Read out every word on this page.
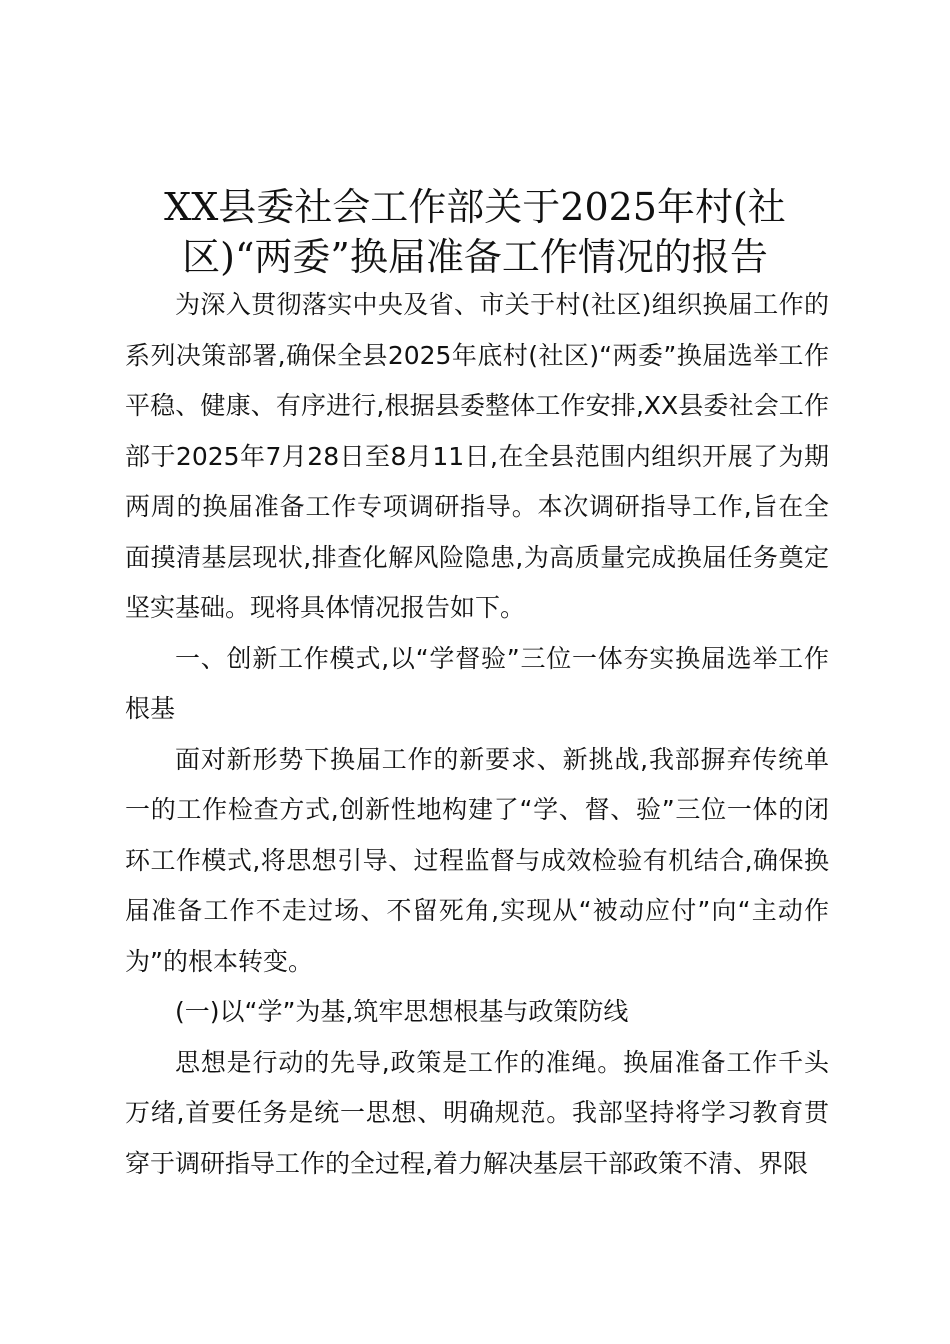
XX县委社会工作部关于2025年村(社区)“两委”换届准备工作情况的报告

为深入贯彻落实中央及省、市关于村(社区)组织换届工作的系列决策部署,确保全县2025年底村(社区)“两委”换届选举工作平稳、健康、有序进行,根据县委整体工作安排,XX县委社会工作部于2025年7月28日至8月11日,在全县范围内组织开展了为期两周的换届准备工作专项调研指导。本次调研指导工作,旨在全面摸清基层现状,排查化解风险隐患,为高质量完成换届任务奠定坚实基础。现将具体情况报告如下。

一、创新工作模式,以“学督验”三位一体夯实换届选举工作根基

面对新形势下换届工作的新要求、新挑战,我部摒弃传统单一的工作检查方式,创新性地构建了“学、督、验”三位一体的闭环工作模式,将思想引导、过程监督与成效检验有机结合,确保换届准备工作不走过场、不留死角,实现从“被动应付”向“主动作为”的根本转变。

(一)以“学”为基,筑牢思想根基与政策防线

思想是行动的先导,政策是工作的准绳。换届准备工作千头万绪,首要任务是统一思想、明确规范。我部坚持将学习教育贯穿于调研指导工作的全过程,着力解决基层干部政策不清、界限
